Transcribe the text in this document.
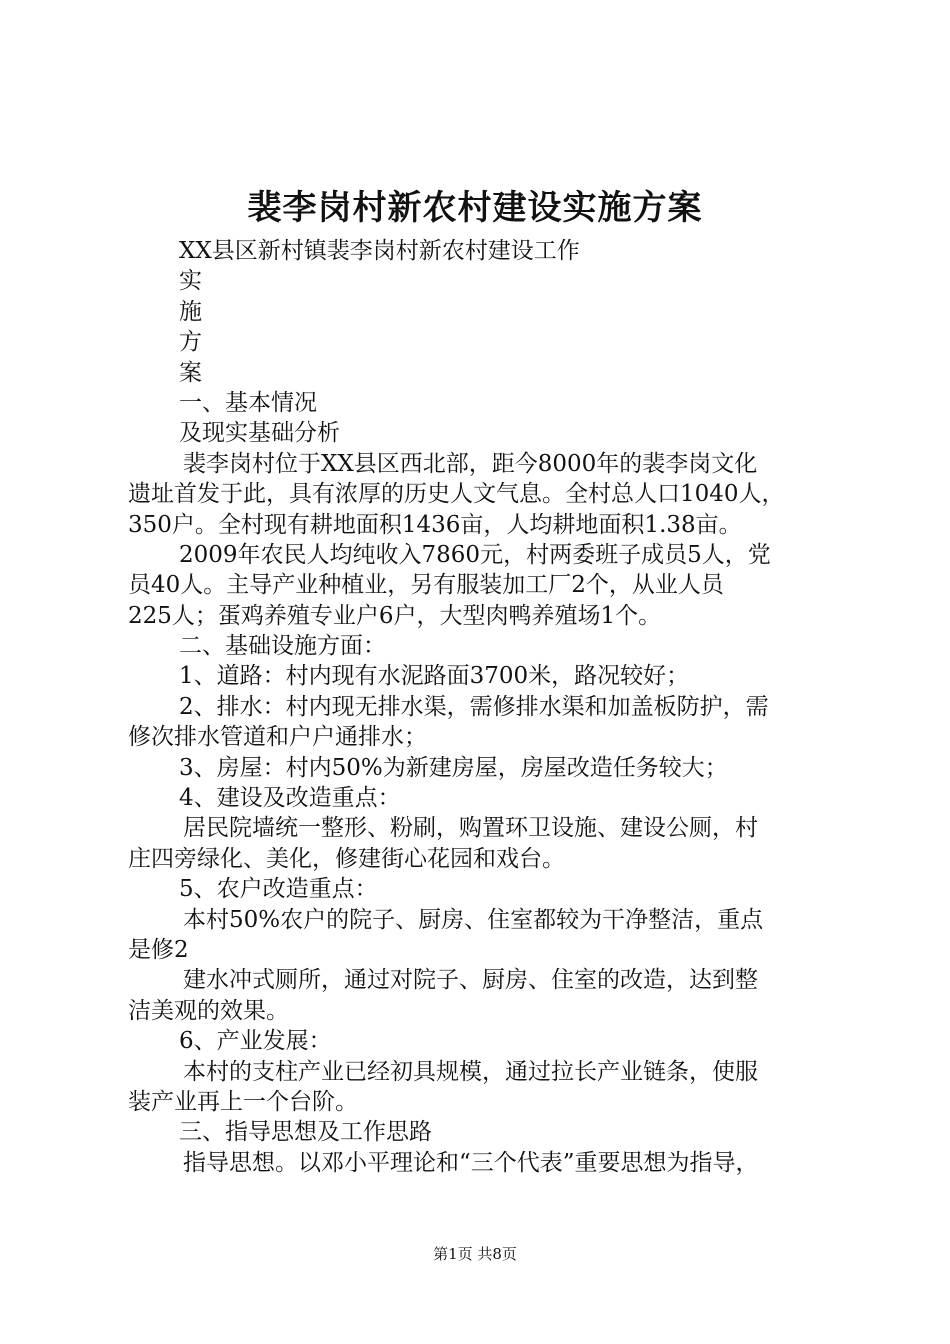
裴李岗村新农村建设实施方案
XX县区新村镇裴李岗村新农村建设工作
实
施
方
案
一、基本情况
及现实基础分析
裴李岗村位于XX县区西北部，距今8000年的裴李岗文化
遗址首发于此，具有浓厚的历史人文气息。全村总人口1040人，
350户。全村现有耕地面积1436亩，人均耕地面积1.38亩。
2009年农民人均纯收入7860元，村两委班子成员5人，党
员40人。主导产业种植业，另有服装加工厂2个，从业人员
225人；蛋鸡养殖专业户6户，大型肉鸭养殖场1个。
二、基础设施方面：
1、道路：村内现有水泥路面3700米，路况较好；
2、排水：村内现无排水渠，需修排水渠和加盖板防护，需
修次排水管道和户户通排水；
3、房屋：村内50%为新建房屋，房屋改造任务较大；
4、建设及改造重点：
居民院墙统一整形、粉刷，购置环卫设施、建设公厕，村
庄四旁绿化、美化，修建街心花园和戏台。
5、农户改造重点：
本村50%农户的院子、厨房、住室都较为干净整洁，重点
是修2
建水冲式厕所，通过对院子、厨房、住室的改造，达到整
洁美观的效果。
6、产业发展：
本村的支柱产业已经初具规模，通过拉长产业链条，使服
装产业再上一个台阶。
三、指导思想及工作思路
指导思想。以邓小平理论和“三个代表”重要思想为指导，
第1页 共8页
